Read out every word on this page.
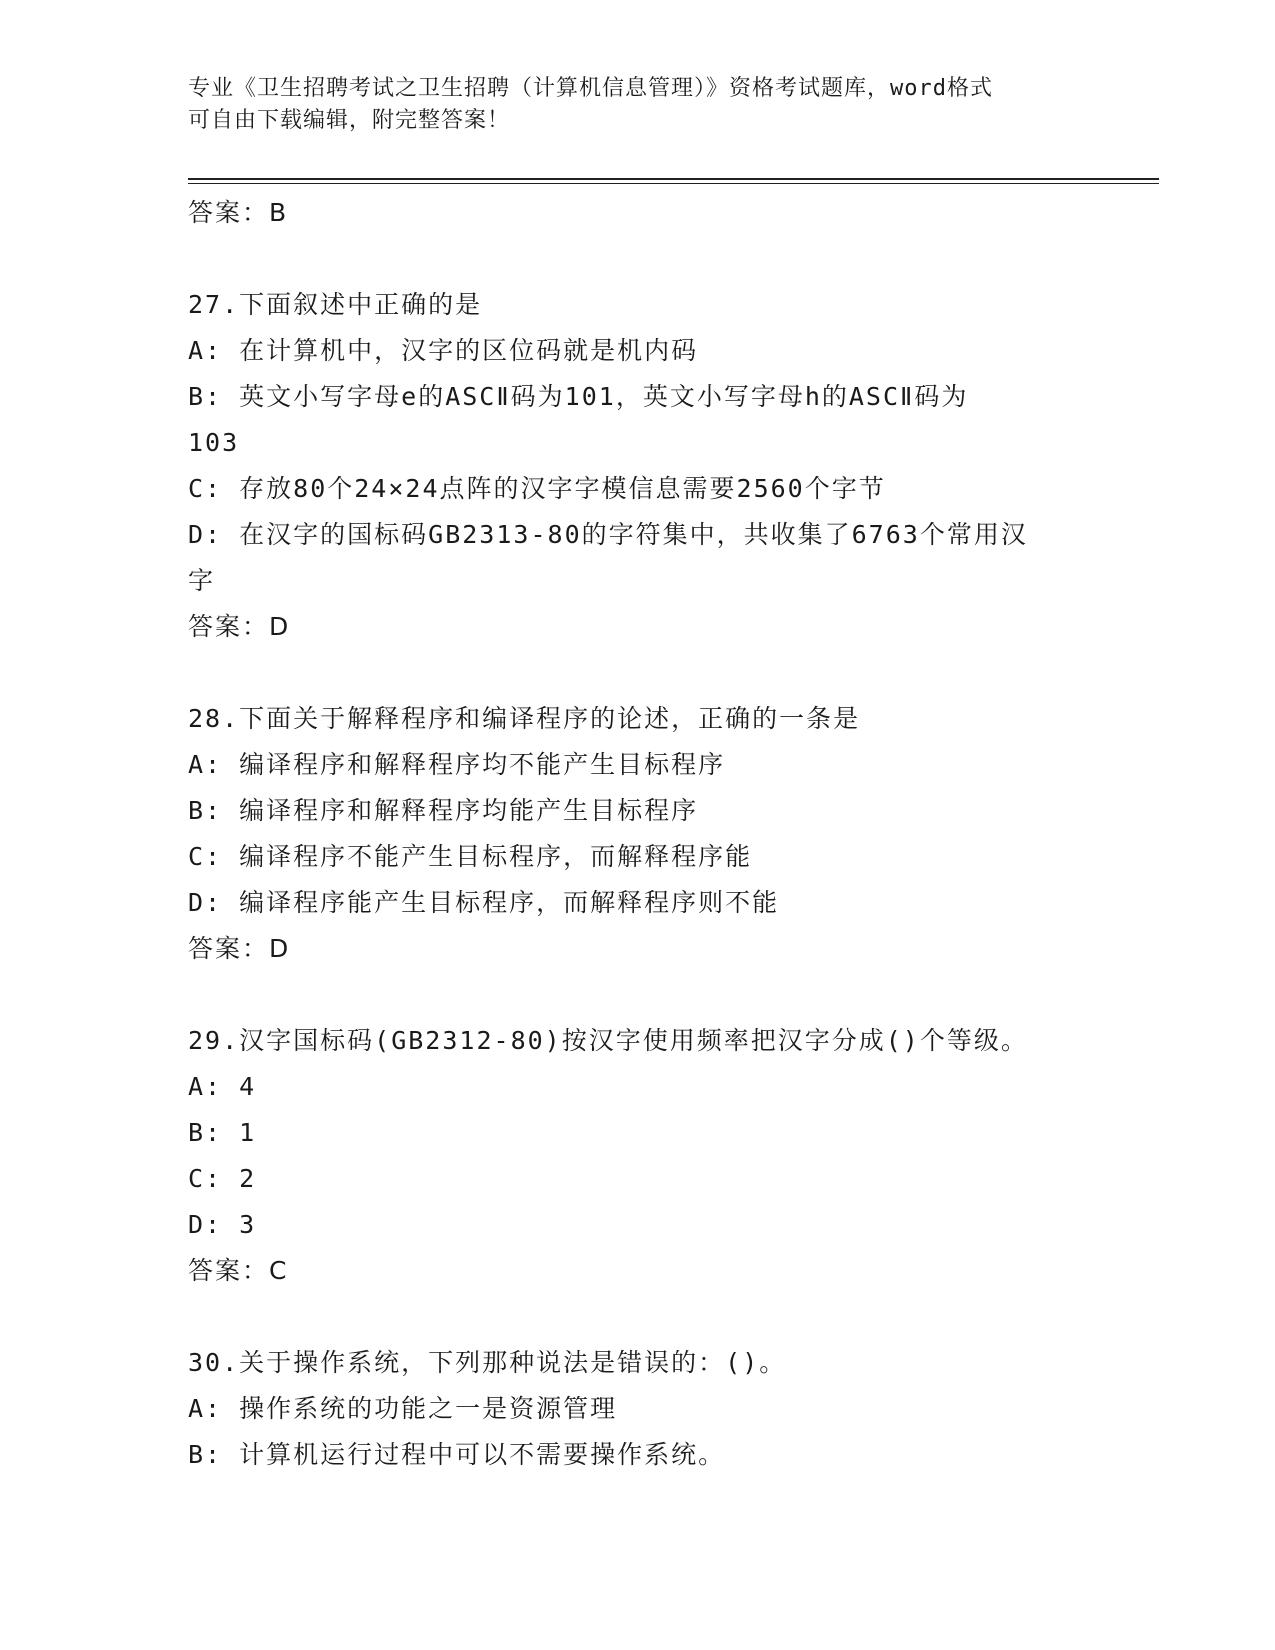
专业《卫生招聘考试之卫生招聘（计算机信息管理）》资格考试题库，word格式
可自由下载编辑，附完整答案！
答案：B
27.下面叙述中正确的是
A: 在计算机中，汉字的区位码就是机内码
B: 英文小写字母e的ASCⅡ码为101，英文小写字母h的ASCⅡ码为
103
C: 存放80个24×24点阵的汉字字模信息需要2560个字节
D: 在汉字的国标码GB2313-80的字符集中，共收集了6763个常用汉
字
答案：D
28.下面关于解释程序和编译程序的论述，正确的一条是
A: 编译程序和解释程序均不能产生目标程序
B: 编译程序和解释程序均能产生目标程序
C: 编译程序不能产生目标程序，而解释程序能
D: 编译程序能产生目标程序，而解释程序则不能
答案：D
29.汉字国标码(GB2312-80)按汉字使用频率把汉字分成()个等级。
A: 4
B: 1
C: 2
D: 3
答案：C
30.关于操作系统，下列那种说法是错误的：()。
A: 操作系统的功能之一是资源管理
B: 计算机运行过程中可以不需要操作系统。
